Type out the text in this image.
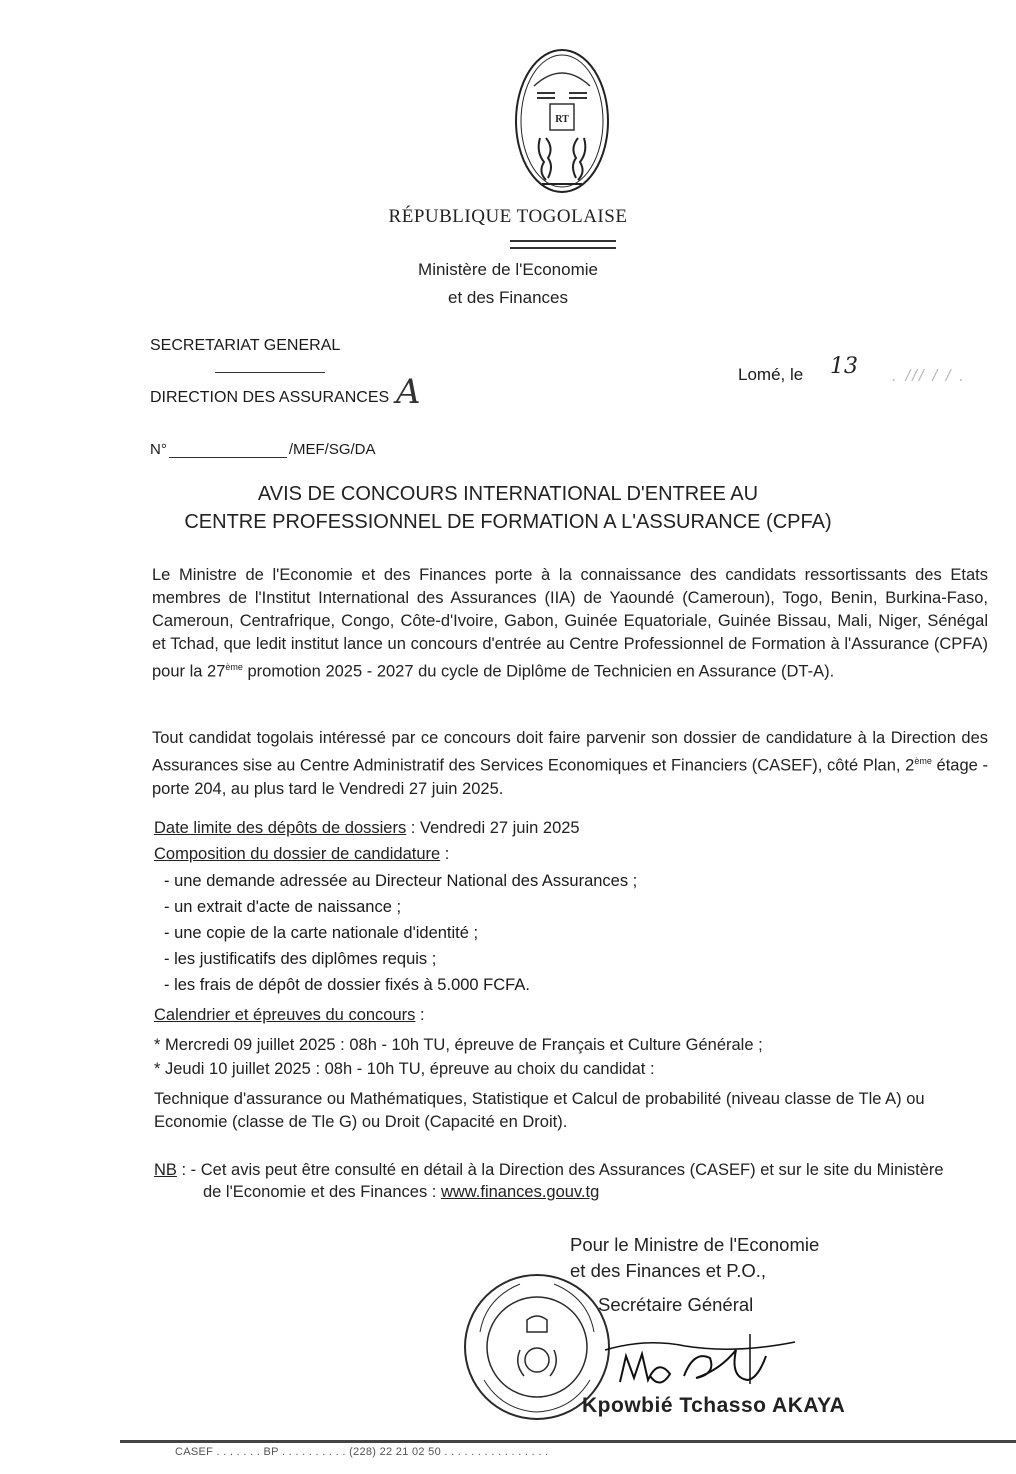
RT
RÉPUBLIQUE TOGOLAISE
Ministère de l'Economie
et des Finances
SECRETARIAT GENERAL
DIRECTION DES ASSURANCES A
N°	/MEF/SG/DA
Lomé, le 13 . /// / / .
AVIS DE CONCOURS INTERNATIONAL D'ENTREE AU
CENTRE PROFESSIONNEL DE FORMATION A L'ASSURANCE (CPFA)
Le Ministre de l'Economie et des Finances porte à la connaissance des candidats ressortissants des Etats membres de l'Institut International des Assurances (IIA) de Yaoundé (Cameroun), Togo, Benin, Burkina-Faso, Cameroun, Centrafrique, Congo, Côte-d'Ivoire, Gabon, Guinée Equatoriale, Guinée Bissau, Mali, Niger, Sénégal et Tchad, que ledit institut lance un concours d'entrée au Centre Professionnel de Formation à l'Assurance (CPFA) pour la 27ème promotion 2025 - 2027 du cycle de Diplôme de Technicien en Assurance (DT-A).
Tout candidat togolais intéressé par ce concours doit faire parvenir son dossier de candidature à la Direction des Assurances sise au Centre Administratif des Services Economiques et Financiers (CASEF), côté Plan, 2ème étage - porte 204, au plus tard le Vendredi 27 juin 2025.
Date limite des dépôts de dossiers : Vendredi 27 juin 2025
Composition du dossier de candidature :
- une demande adressée au Directeur National des Assurances ;
- un extrait d'acte de naissance ;
- une copie de la carte nationale d'identité ;
- les justificatifs des diplômes requis ;
- les frais de dépôt de dossier fixés à 5.000 FCFA.
Calendrier et épreuves du concours :
* Mercredi 09 juillet 2025 : 08h - 10h TU, épreuve de Français et Culture Générale ;
* Jeudi 10 juillet 2025 : 08h - 10h TU, épreuve au choix du candidat :
Technique d'assurance ou Mathématiques, Statistique et Calcul de probabilité (niveau classe de Tle A) ou
Economie (classe de Tle G) ou Droit (Capacité en Droit).
NB : - Cet avis peut être consulté en détail à la Direction des Assurances (CASEF) et sur le site du Ministère
de l'Economie et des Finances : www.finances.gouv.tg
Pour le Ministre de l'Economie
et des Finances et P.O.,
Secrétaire Général
Kpowbié Tchasso AKAYA
CASEF . . . . . . . BP . . . . . . . . . . (228) 22 21 02 50 . . . . . . . . . . . . . . . .
